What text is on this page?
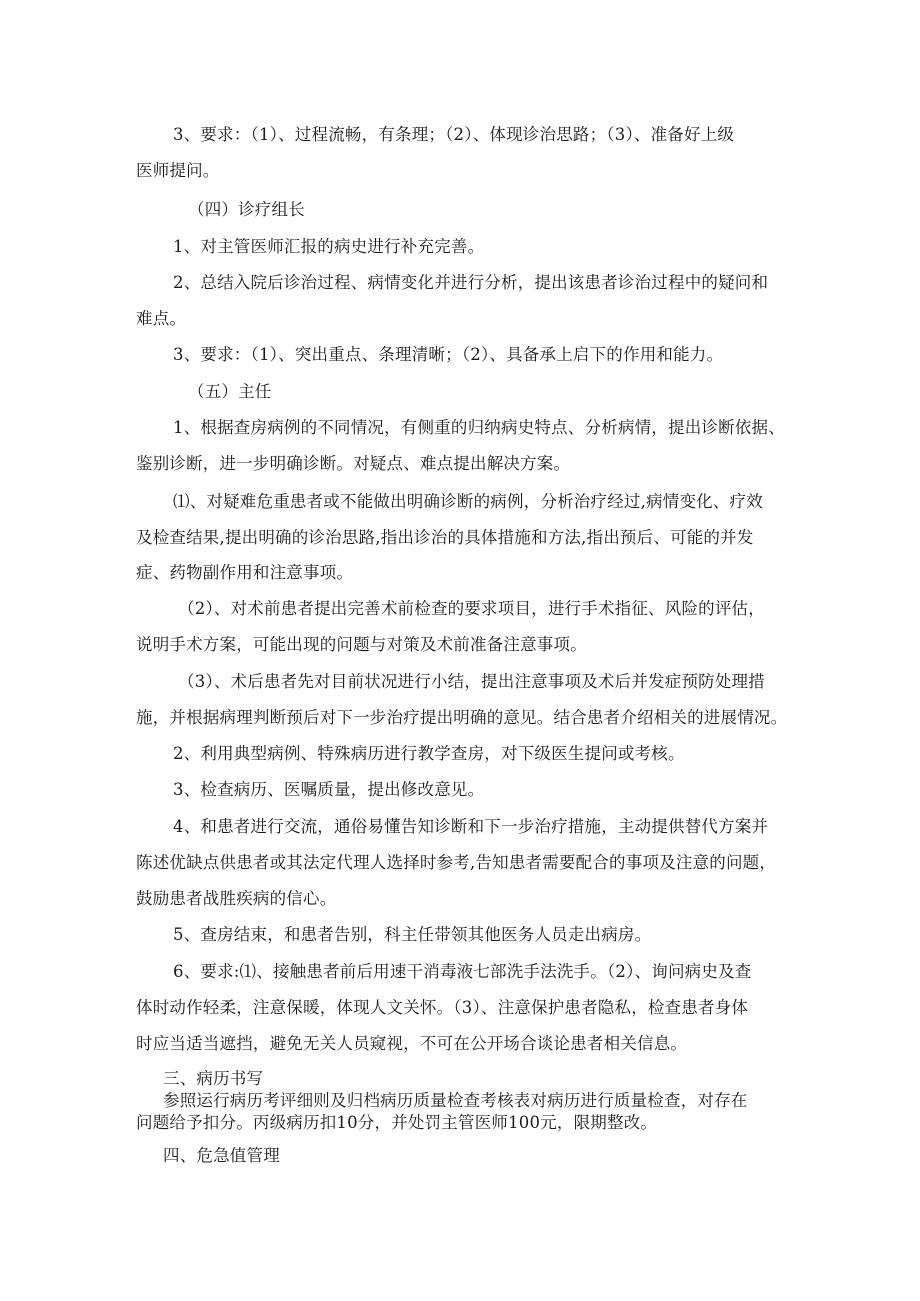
3、要求：（1）、过程流畅，有条理；（2）、体现诊治思路；（3）、准备好上级

医师提问。

（四）诊疗组长

1、对主管医师汇报的病史进行补充完善。

2、总结入院后诊治过程、病情变化并进行分析，提出该患者诊治过程中的疑问和

难点。

3、要求：（1）、突出重点、条理清晰；（2）、具备承上启下的作用和能力。

（五）主任

1、根据查房病例的不同情况，有侧重的归纳病史特点、分析病情，提出诊断依据、

鉴别诊断，进一步明确诊断。对疑点、难点提出解决方案。

⑴、对疑难危重患者或不能做出明确诊断的病例，分析治疗经过,病情变化、疗效

及检查结果,提出明确的诊治思路,指出诊治的具体措施和方法,指出预后、可能的并发

症、药物副作用和注意事项。

（2）、对术前患者提出完善术前检查的要求项目，进行手术指征、风险的评估，

说明手术方案，可能出现的问题与对策及术前准备注意事项。

（3）、术后患者先对目前状况进行小结，提出注意事项及术后并发症预防处理措

施，并根据病理判断预后对下一步治疗提出明确的意见。结合患者介绍相关的进展情况。

2、利用典型病例、特殊病历进行教学查房，对下级医生提问或考核。

3、检查病历、医嘱质量，提出修改意见。

4、和患者进行交流，通俗易懂告知诊断和下一步治疗措施，主动提供替代方案并

陈述优缺点供患者或其法定代理人选择时参考,告知患者需要配合的事项及注意的问题，

鼓励患者战胜疾病的信心。

5、查房结束，和患者告别，科主任带领其他医务人员走出病房。

6、要求:⑴、接触患者前后用速干消毒液七部洗手法洗手。（2）、询问病史及查

体时动作轻柔，注意保暖，体现人文关怀。（3）、注意保护患者隐私，检查患者身体

时应当适当遮挡，避免无关人员窥视，不可在公开场合谈论患者相关信息。

三、病历书写

参照运行病历考评细则及归档病历质量检查考核表对病历进行质量检查，对存在

问题给予扣分。丙级病历扣10分，并处罚主管医师100元，限期整改。

四、危急值管理
